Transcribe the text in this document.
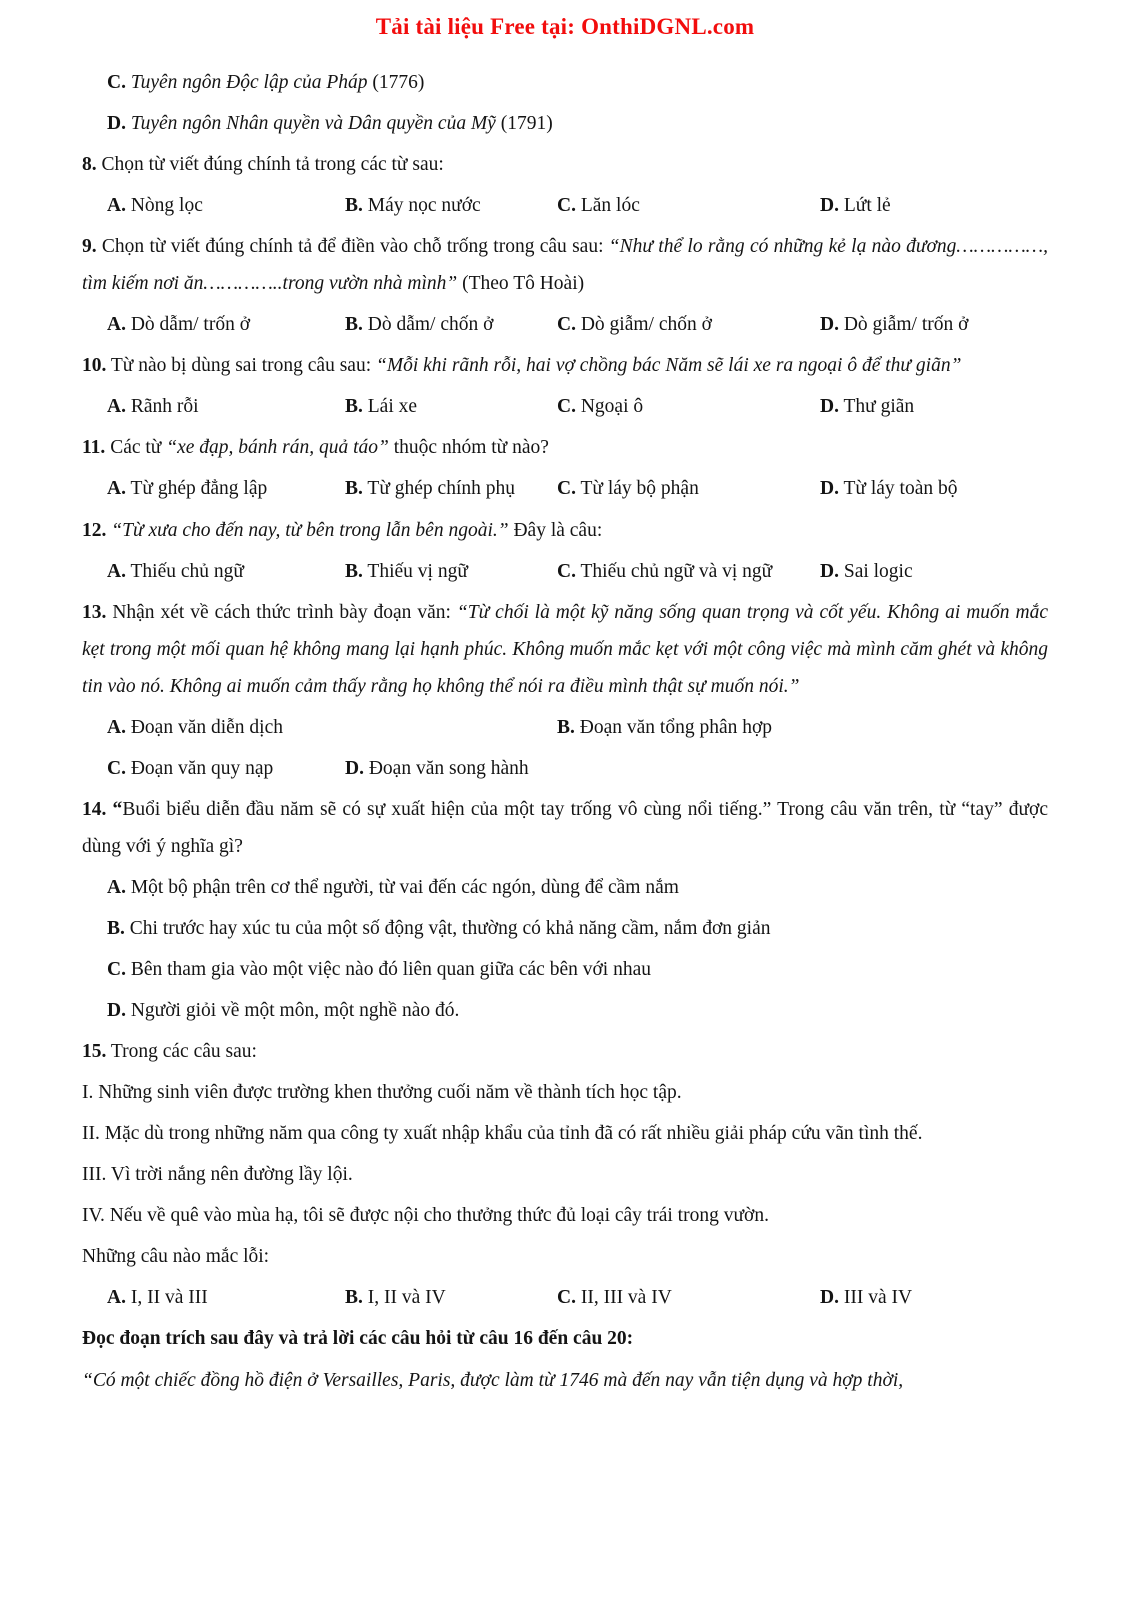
Tải tài liệu Free tại: OnthiDGNL.com

C. Tuyên ngôn Độc lập của Pháp (1776)

D. Tuyên ngôn Nhân quyền và Dân quyền của Mỹ (1791)

8. Chọn từ viết đúng chính tả trong các từ sau:

A. Nòng lọc	B. Máy nọc nước	C. Lăn lóc	D. Lứt lẻ

9. Chọn từ viết đúng chính tả để điền vào chỗ trống trong câu sau: “Như thể lo rằng có những kẻ lạ nào đương……………, tìm kiếm nơi ăn…………..trong vườn nhà mình” (Theo Tô Hoài)

A. Dò dẫm/ trốn ở	B. Dò dẫm/ chốn ở	C. Dò giẫm/ chốn ở	D. Dò giẫm/ trốn ở

10. Từ nào bị dùng sai trong câu sau: “Mỗi khi rãnh rỗi, hai vợ chồng bác Năm sẽ lái xe ra ngoại ô để thư giãn”

A. Rãnh rỗi	B. Lái xe	C. Ngoại ô	D. Thư giãn

11. Các từ “xe đạp, bánh rán, quả táo” thuộc nhóm từ nào?

A. Từ ghép đẳng lập	B. Từ ghép chính phụ	C. Từ láy bộ phận	D. Từ láy toàn bộ

12. “Từ xưa cho đến nay, từ bên trong lẫn bên ngoài.” Đây là câu:

A. Thiếu chủ ngữ	B. Thiếu vị ngữ	C. Thiếu chủ ngữ và vị ngữ	D. Sai logic

13. Nhận xét về cách thức trình bày đoạn văn: “Từ chối là một kỹ năng sống quan trọng và cốt yếu. Không ai muốn mắc kẹt trong một mối quan hệ không mang lại hạnh phúc. Không muốn mắc kẹt với một công việc mà mình căm ghét và không tin vào nó. Không ai muốn cảm thấy rằng họ không thể nói ra điều mình thật sự muốn nói.”

A. Đoạn văn diễn dịch	B. Đoạn văn tổng phân hợp
C. Đoạn văn quy nạp	D. Đoạn văn song hành

14. “Buổi biểu diễn đầu năm sẽ có sự xuất hiện của một tay trống vô cùng nổi tiếng.” Trong câu văn trên, từ “tay” được dùng với ý nghĩa gì?

A. Một bộ phận trên cơ thể người, từ vai đến các ngón, dùng để cầm nắm

B. Chi trước hay xúc tu của một số động vật, thường có khả năng cầm, nắm đơn giản

C. Bên tham gia vào một việc nào đó liên quan giữa các bên với nhau

D. Người giỏi về một môn, một nghề nào đó.

15. Trong các câu sau:

I. Những sinh viên được trường khen thưởng cuối năm về thành tích học tập.

II. Mặc dù trong những năm qua công ty xuất nhập khẩu của tỉnh đã có rất nhiều giải pháp cứu vãn tình thế.

III. Vì trời nắng nên đường lầy lội.

IV. Nếu về quê vào mùa hạ, tôi sẽ được nội cho thưởng thức đủ loại cây trái trong vườn.

Những câu nào mắc lỗi:

A. I, II và III	B. I, II và IV	C. II, III và IV	D. III và IV

Đọc đoạn trích sau đây và trả lời các câu hỏi từ câu 16 đến câu 20:

“Có một chiếc đồng hồ điện ở Versailles, Paris, được làm từ 1746 mà đến nay vẫn tiện dụng và hợp thời,
